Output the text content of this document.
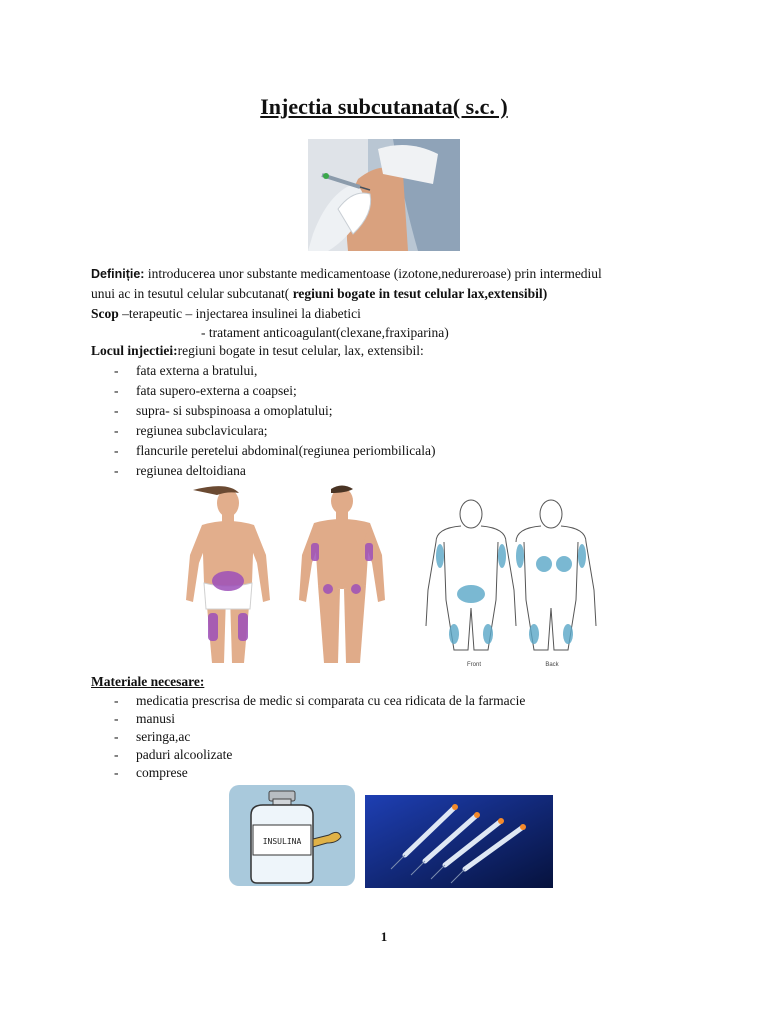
Injectia subcutanata( s.c. )
Definiție: introducerea unor substante medicamentoase (izotone,nedureroase) prin intermediul
unui ac in tesutul celular subcutanat( regiuni bogate in tesut celular lax,extensibil)
Scop –terapeutic – injectarea insulinei la diabetici
- tratament anticoagulant(clexane,fraxiparina)
Locul injectiei:regiuni bogate in tesut celular, lax, extensibil:
- fata externa a bratului,
- fata supero-externa a coapsei;
- supra- si subspinoasa a omoplatului;
- regiunea subclaviculara;
- flancurile peretelui abdominal(regiunea periombilicala)
- regiunea deltoidiana
Front	Back
Materiale necesare:
- medicatia prescrisa de medic si comparata cu cea ridicata de la farmacie
- manusi
- seringa,ac
- paduri alcoolizate
- comprese
INSULINA
1
